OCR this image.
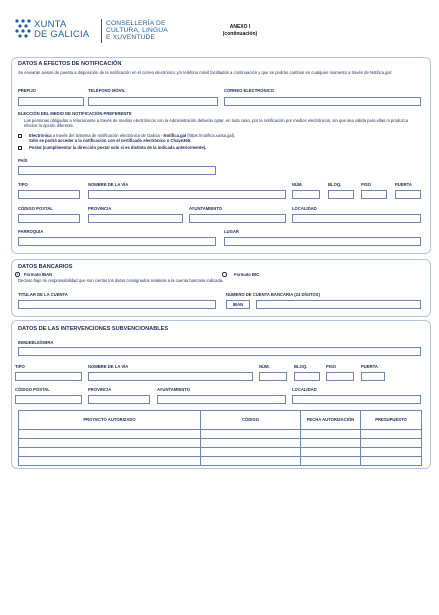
XUNTA
DE GALICIA
CONSELLERÍA DE
CULTURA, LINGUA
E XUVENTUDE
ANEXO I
(continuación)
DATOS A EFECTOS DE NOTIFICACIÓN
Se enviarán avisos de puesta a disposición de la notificación en el correo electrónico y/o teléfono móvil facilitados a continuación y que se podrán cambiar en cualquier momento a través de Notifica.gal:
PREFIJO	TELÉFONO MÓVIL	CORREO ELECTRÓNICO
ELECCIÓN DEL MEDIO DE NOTIFICACIÓN PREFERENTE
Las personas obligadas a relacionarse a través de medios electrónicos con la Administración deberán optar, en todo caso, por la notificación por medios electrónicos, sin que sea válida para ellas ni produzca efectos la opción diferente.
Electrónica a través del Sistema de notificación electrónica de Galicia - Notifica.gal (https://notifica.xunta.gal).
Sólo se podrá acceder a la notificación con el certificado electrónico o Chave365.
Postal (cumplimentar la dirección postal solo si es distinta de la indicada anteriormente).
PAÍS
TIPO	NOMBRE DE LA VÍA	NÚM.	BLOQ.	PISO	PUERTA
CÓDIGO POSTAL	PROVINCIA	AYUNTAMIENTO	LOCALIDAD
PARROQUIA	LUGAR
DATOS BANCARIOS
Formato IBAN	Formato BIC
Declaro bajo mi responsabilidad que son ciertos los datos consignados relativos a la cuenta bancaria indicada.
TITULAR DE LA CUENTA	NÚMERO DE CUENTA BANCARIA (24 DÍGITOS)
IBAN
DATOS DE LAS INTERVENCIONES SUBVENCIONABLES
INMUEBLE/OBRA
TIPO	NOMBRE DE LA VÍA	NÚM.	BLOQ.	PISO	PUERTA
CÓDIGO POSTAL	PROVINCIA	AYUNTAMIENTO	LOCALIDAD
PROYECTO AUTORIZADO	CÓDIGO	FECHA AUTORIZACIÓN	PRESUPUESTO
